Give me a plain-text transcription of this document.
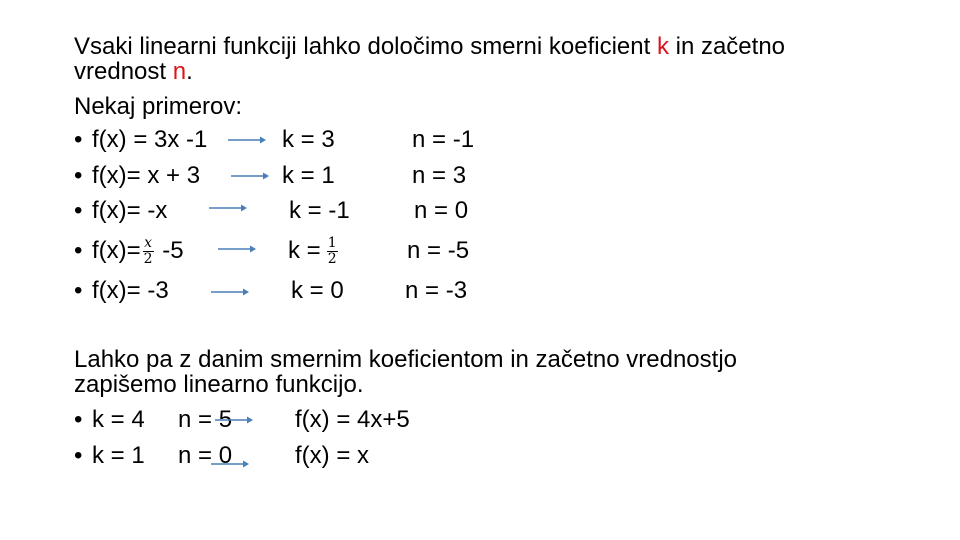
Vsaki linearni funkciji lahko določimo smerni koeficient k in začetno
vrednost n.
Nekaj primerov:
• f(x) = 3x -1	k = 3	n = -1
• f(x)= x + 3	k = 1	n = 3
• f(x)= -x	k = -1	n = 0
• $f(x)= \frac{x}{2} -5$	$k = \frac{1}{2}$	n = -5
• f(x)= -3	k = 0	n = -3
Lahko pa z danim smernim koeficientom in začetno vrednostjo
zapišemo linearno funkcijo.
• k = 4 n = 5	f(x) = 4x+5
• k = 1 n = 0	f(x) = x
